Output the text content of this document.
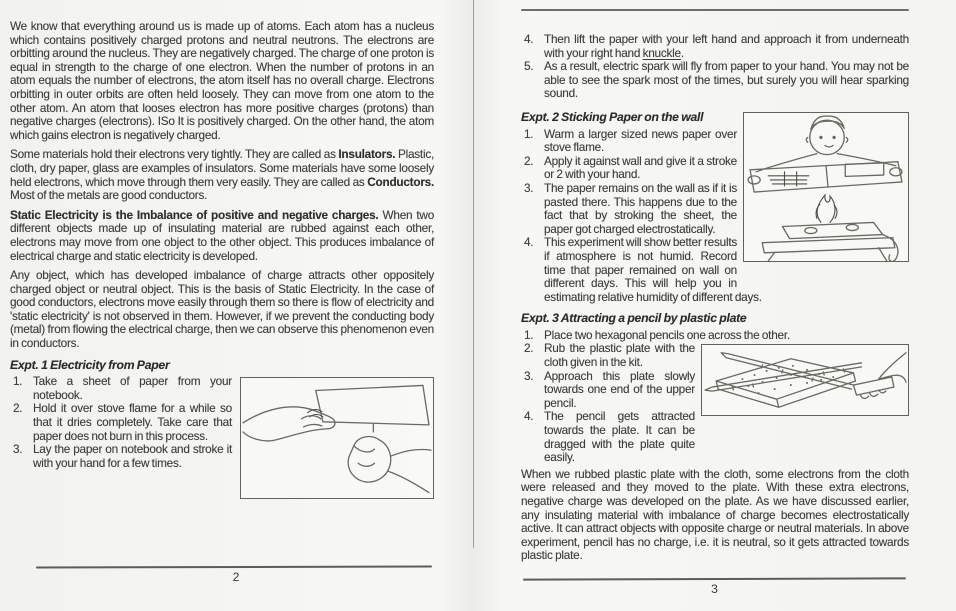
We know that everything around us is made up of atoms. Each atom has a nucleus which contains positively charged protons and neutral neutrons. The electrons are orbitting around the nucleus. They are negatively charged. The charge of one proton is equal in strength to the charge of one electron. When the number of protons in an atom equals the number of electrons, the atom itself has no overall charge. Electrons orbitting in outer orbits are often held loosely. They can move from one atom to the other atom. An atom that looses electron has more positive charges (protons) than negative charges (electrons). ISo It is positively charged. On the other hand, the atom which gains electron is negatively charged.

Some materials hold their electrons very tightly. They are called as Insulators. Plastic, cloth, dry paper, glass are examples of insulators. Some materials have some loosely held electrons, which move through them very easily. They are called as Conductors. Most of the metals are good conductors.

Static Electricity is the Imbalance of positive and negative charges. When two different objects made up of insulating material are rubbed against each other, electrons may move from one object to the other object. This produces imbalance of electrical charge and static electricity is developed.

Any object, which has developed imbalance of charge attracts other oppositely charged object or neutral object. This is the basis of Static Electricity. In the case of good conductors, electrons move easily through them so there is flow of electricity and 'static electricity' is not observed in them. However, if we prevent the conducting body (metal) from flowing the electrical charge, then we can observe this phenomenon even in conductors.

Expt. 1 Electricity from Paper
1. Take a sheet of paper from your notebook.
2. Hold it over stove flame for a while so that it dries completely. Take care that paper does not burn in this process.
3. Lay the paper on notebook and stroke it with your hand for a few times.
4. Then lift the paper with your left hand and approach it from underneath with your right hand knuckle.
5. As a result, electric spark will fly from paper to your hand. You may not be able to see the spark most of the times, but surely you will hear sparking sound.
Expt. 2 Sticking Paper on the wall
1. Warm a larger sized news paper over stove flame.
2. Apply it against wall and give it a stroke or 2 with your hand.
3. The paper remains on the wall as if it is pasted there. This happens due to the fact that by stroking the sheet, the paper got charged electrostatically.
4. This experiment will show better results if atmosphere is not humid. Record time that paper remained on wall on different days. This will help you in estimating relative humidity of different days.
Expt. 3 Attracting a pencil by plastic plate
1. Place two hexagonal pencils one across the other.
2. Rub the plastic plate with the cloth given in the kit.
3. Approach this plate slowly towards one end of the upper pencil.
4. The pencil gets attracted towards the plate. It can be dragged with the plate quite easily.

When we rubbed plastic plate with the cloth, some electrons from the cloth were released and they moved to the plate. With these extra electrons, negative charge was developed on the plate. As we have discussed earlier, any insulating material with imbalance of charge becomes electrostatically active. It can attract objects with opposite charge or neutral materials. In above experiment, pencil has no charge, i.e. it is neutral, so it gets attracted towards plastic plate.

2
3
